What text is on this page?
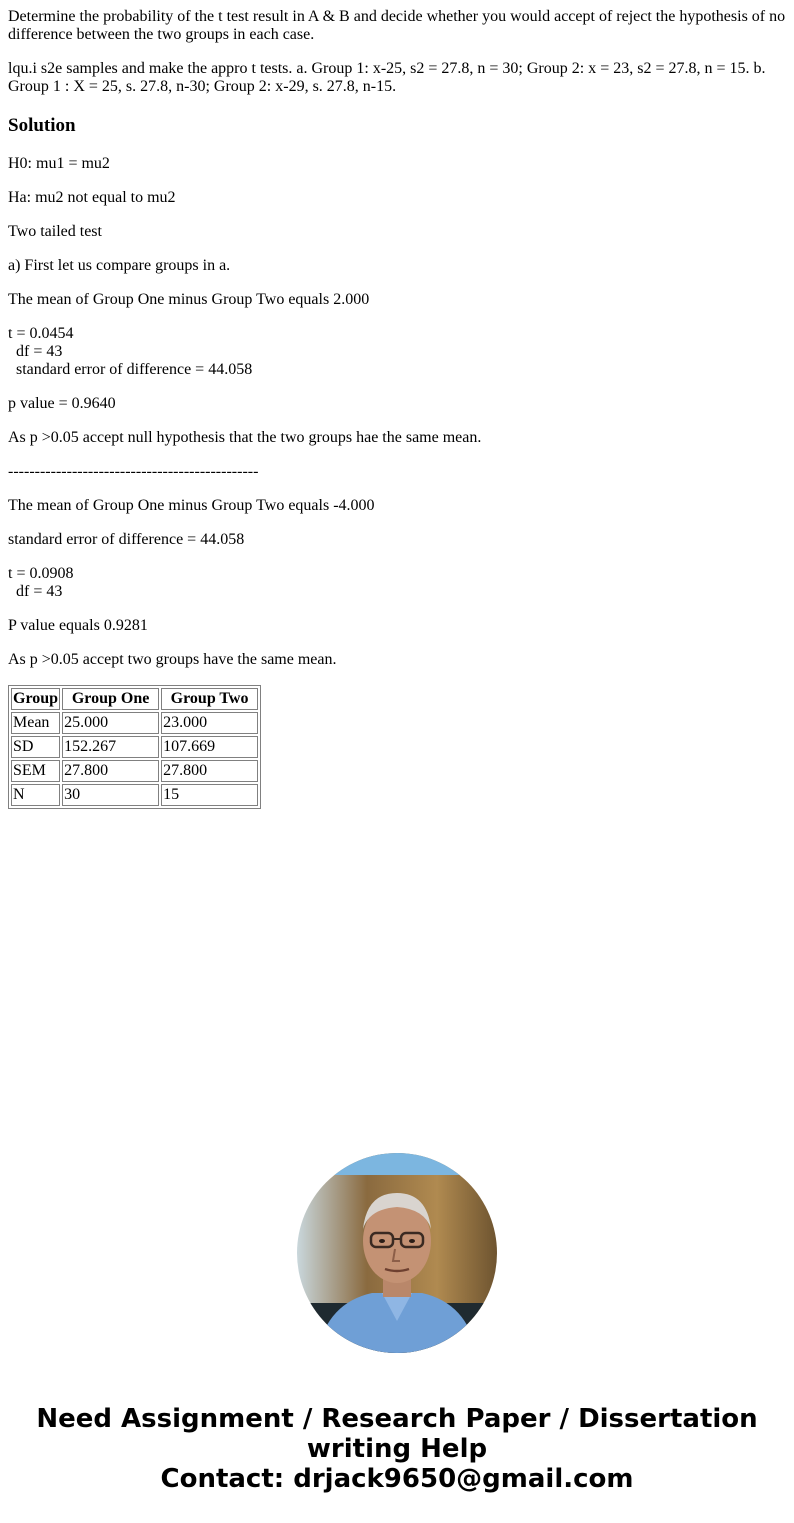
Determine the probability of the t test result in A & B and decide whether you would accept of reject the hypothesis of no difference between the two groups in each case.

lqu.i s2e samples and make the appro t tests. a. Group 1: x-25, s2 = 27.8, n = 30; Group 2: x = 23, s2 = 27.8, n = 15. b. Group 1 : X = 25, s. 27.8, n-30; Group 2: x-29, s. 27.8, n-15.

Solution
H0: mu1 = mu2
Ha: mu2 not equal to mu2
Two tailed test
a) First let us compare groups in a.
The mean of Group One minus Group Two equals 2.000
t = 0.0454
df = 43
standard error of difference = 44.058
p value = 0.9640
As p >0.05 accept null hypothesis that the two groups hae the same mean.
-----------------------------------------------
The mean of Group One minus Group Two equals -4.000
standard error of difference = 44.058
t = 0.0908
df = 43
P value equals 0.9281
As p >0.05 accept two groups have the same mean.
Group	Group One	Group Two
Mean	25.000	23.000
SD	152.267	107.669
SEM	27.800	27.800
N	30	15
Need Assignment / Research Paper / Dissertation
writing Help
Contact: drjack9650@gmail.com
